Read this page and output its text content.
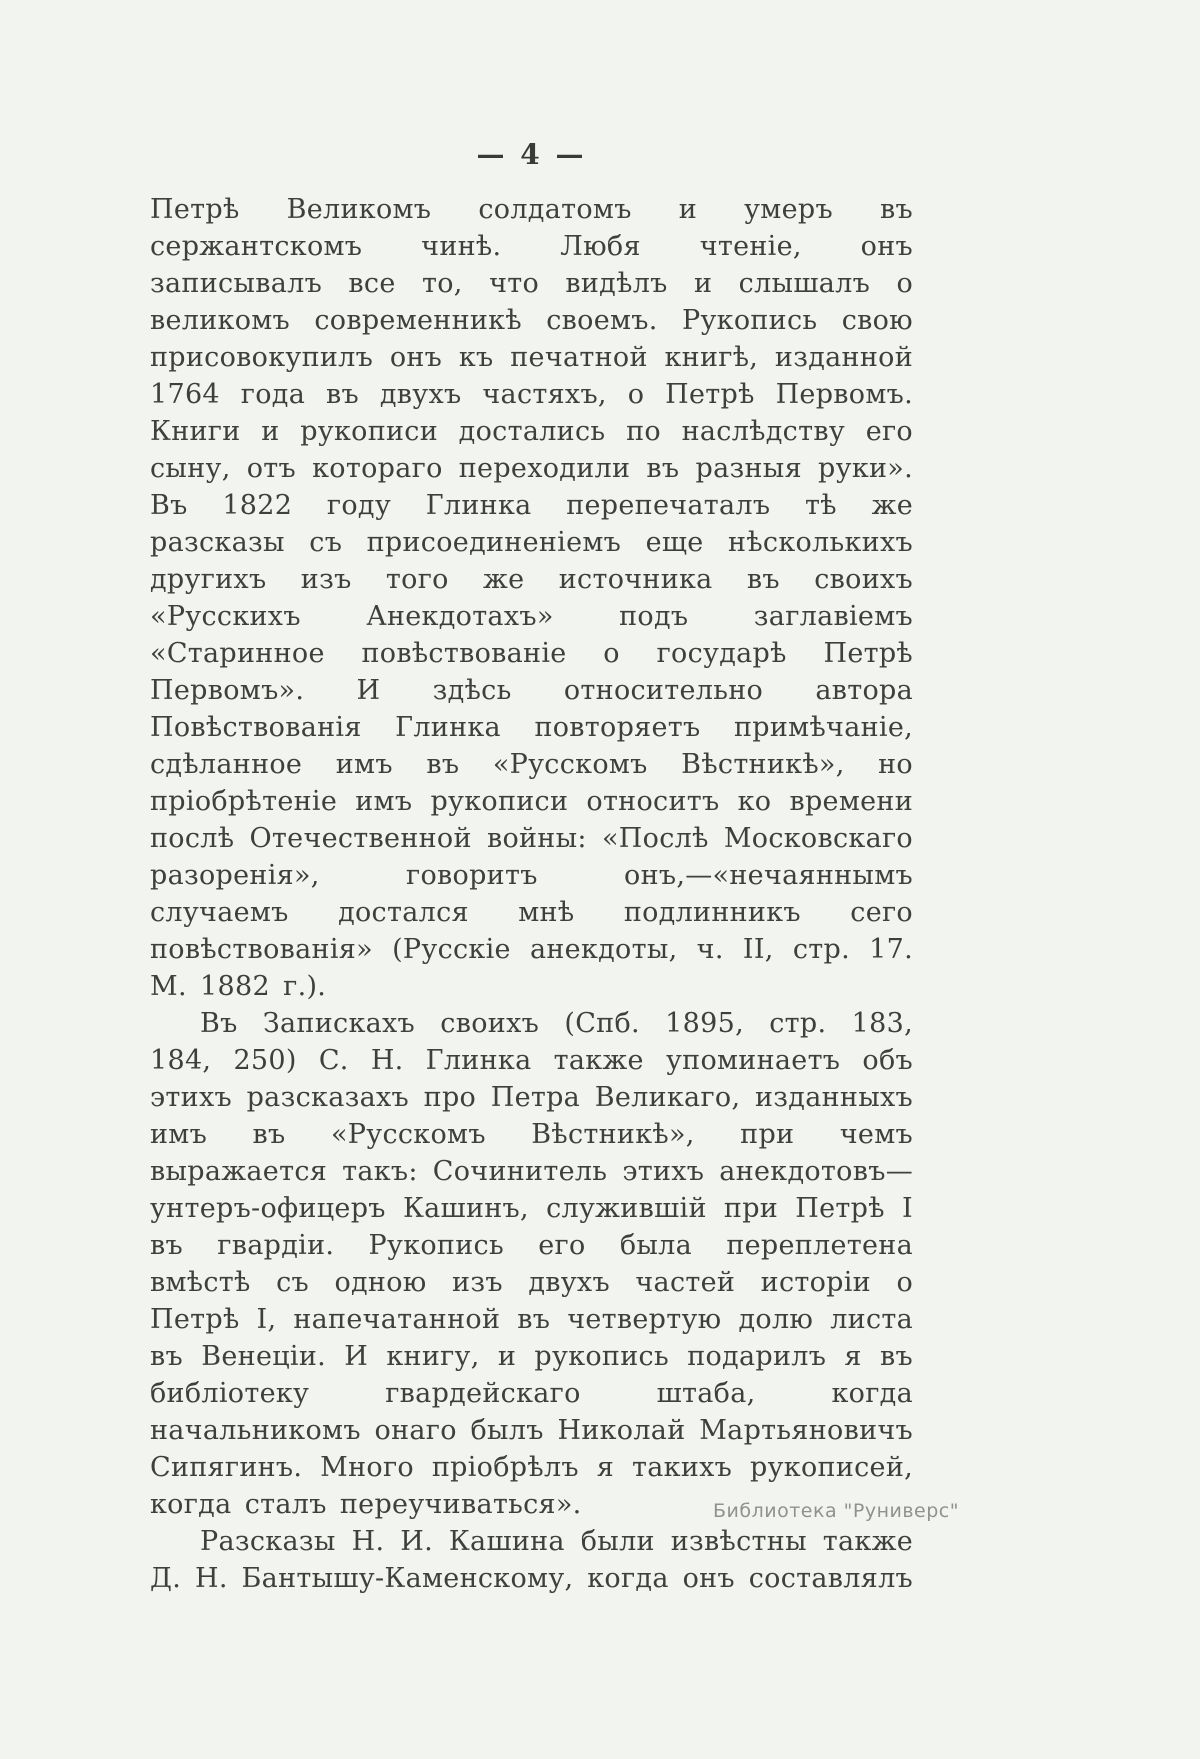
— 4 —

Петрѣ Великомъ солдатомъ и умеръ въ сержантскомъ чинѣ. Любя чтеніе, онъ записывалъ все то, что видѣлъ и слышалъ о великомъ современникѣ своемъ. Рукопись свою присовокупилъ онъ къ печатной книгѣ, изданной 1764 года въ двухъ частяхъ, о Петрѣ Первомъ. Книги и рукописи достались по наслѣдству его сыну, отъ котораго переходили въ разныя руки». Въ 1822 году Глинка перепечаталъ тѣ же разсказы съ присоединеніемъ еще нѣсколькихъ другихъ изъ того же источника въ своихъ «Русскихъ Анекдотахъ» подъ заглавіемъ «Старинное повѣствованіе о государѣ Петрѣ Первомъ». И здѣсь относительно автора Повѣствованія Глинка повторяетъ примѣчаніе, сдѣланное имъ въ «Русскомъ Вѣстникѣ», но пріобрѣтеніе имъ рукописи относитъ ко времени послѣ Отечественной войны: «Послѣ Московскаго разоренія», говоритъ онъ,—«нечаяннымъ случаемъ достался мнѣ подлинникъ сего повѣствованія» (Русскіе анекдоты, ч. II, стр. 17. М. 1882 г.).

Въ Запискахъ своихъ (Спб. 1895, стр. 183, 184, 250) С. Н. Глинка также упоминаетъ объ этихъ разсказахъ про Петра Великаго, изданныхъ имъ въ «Русскомъ Вѣстникѣ», при чемъ выражается такъ: Сочинитель этихъ анекдотовъ—унтеръ-офицеръ Кашинъ, служившій при Петрѣ I въ гвардіи. Рукопись его была переплетена вмѣстѣ съ одною изъ двухъ частей исторіи о Петрѣ I, напечатанной въ четвертую долю листа въ Венеціи. И книгу, и рукопись подарилъ я въ библіотеку гвардейскаго штаба, когда начальникомъ онаго былъ Николай Мартьяновичъ Сипягинъ. Много пріобрѣлъ я такихъ рукописей, когда сталъ переучиваться».

Разсказы Н. И. Кашина были извѣстны также Д. Н. Бантышу-Каменскому, когда онъ составлялъ

Библиотека "Руниверс"
